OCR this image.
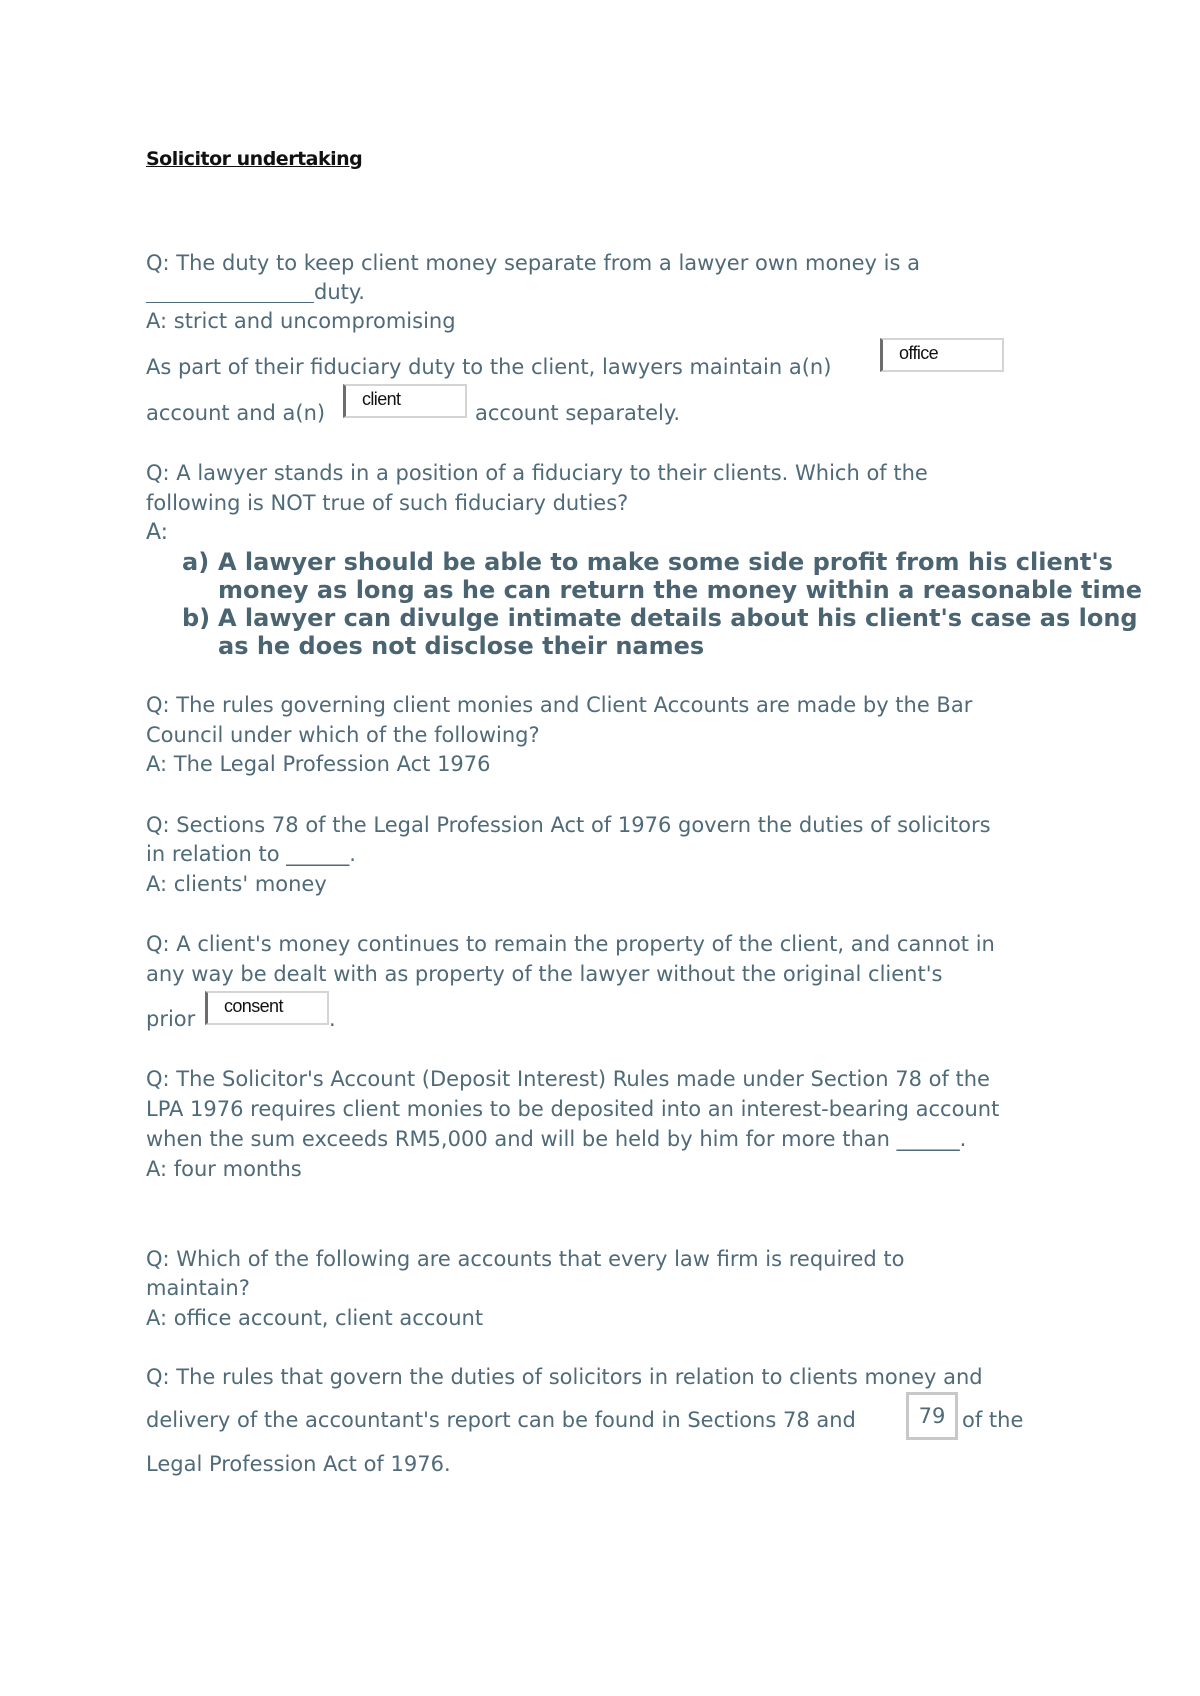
Solicitor undertaking
Q: The duty to keep client money separate from a lawyer own money is a
duty.
A: strict and uncompromising
As part of their fiduciary duty to the client, lawyers maintain a(n)
office
account and a(n)
client
account separately.
Q: A lawyer stands in a position of a fiduciary to their clients. Which of the
following is NOT true of such fiduciary duties?
A:
a) A lawyer should be able to make some side profit from his client's
money as long as he can return the money within a reasonable time
b) A lawyer can divulge intimate details about his client's case as long
as he does not disclose their names
Q: The rules governing client monies and Client Accounts are made by the Bar
Council under which of the following?
A: The Legal Profession Act 1976
Q: Sections 78 of the Legal Profession Act of 1976 govern the duties of solicitors
in relation to ______.
A: clients' money
Q: A client's money continues to remain the property of the client, and cannot in
any way be dealt with as property of the lawyer without the original client's
prior
consent
.
Q: The Solicitor's Account (Deposit Interest) Rules made under Section 78 of the
LPA 1976 requires client monies to be deposited into an interest-bearing account
when the sum exceeds RM5,000 and will be held by him for more than ______.
A: four months
Q: Which of the following are accounts that every law firm is required to
maintain?
A: office account, client account
Q: The rules that govern the duties of solicitors in relation to clients money and
delivery of the accountant's report can be found in Sections 78 and	79 of the
Legal Profession Act of 1976.
